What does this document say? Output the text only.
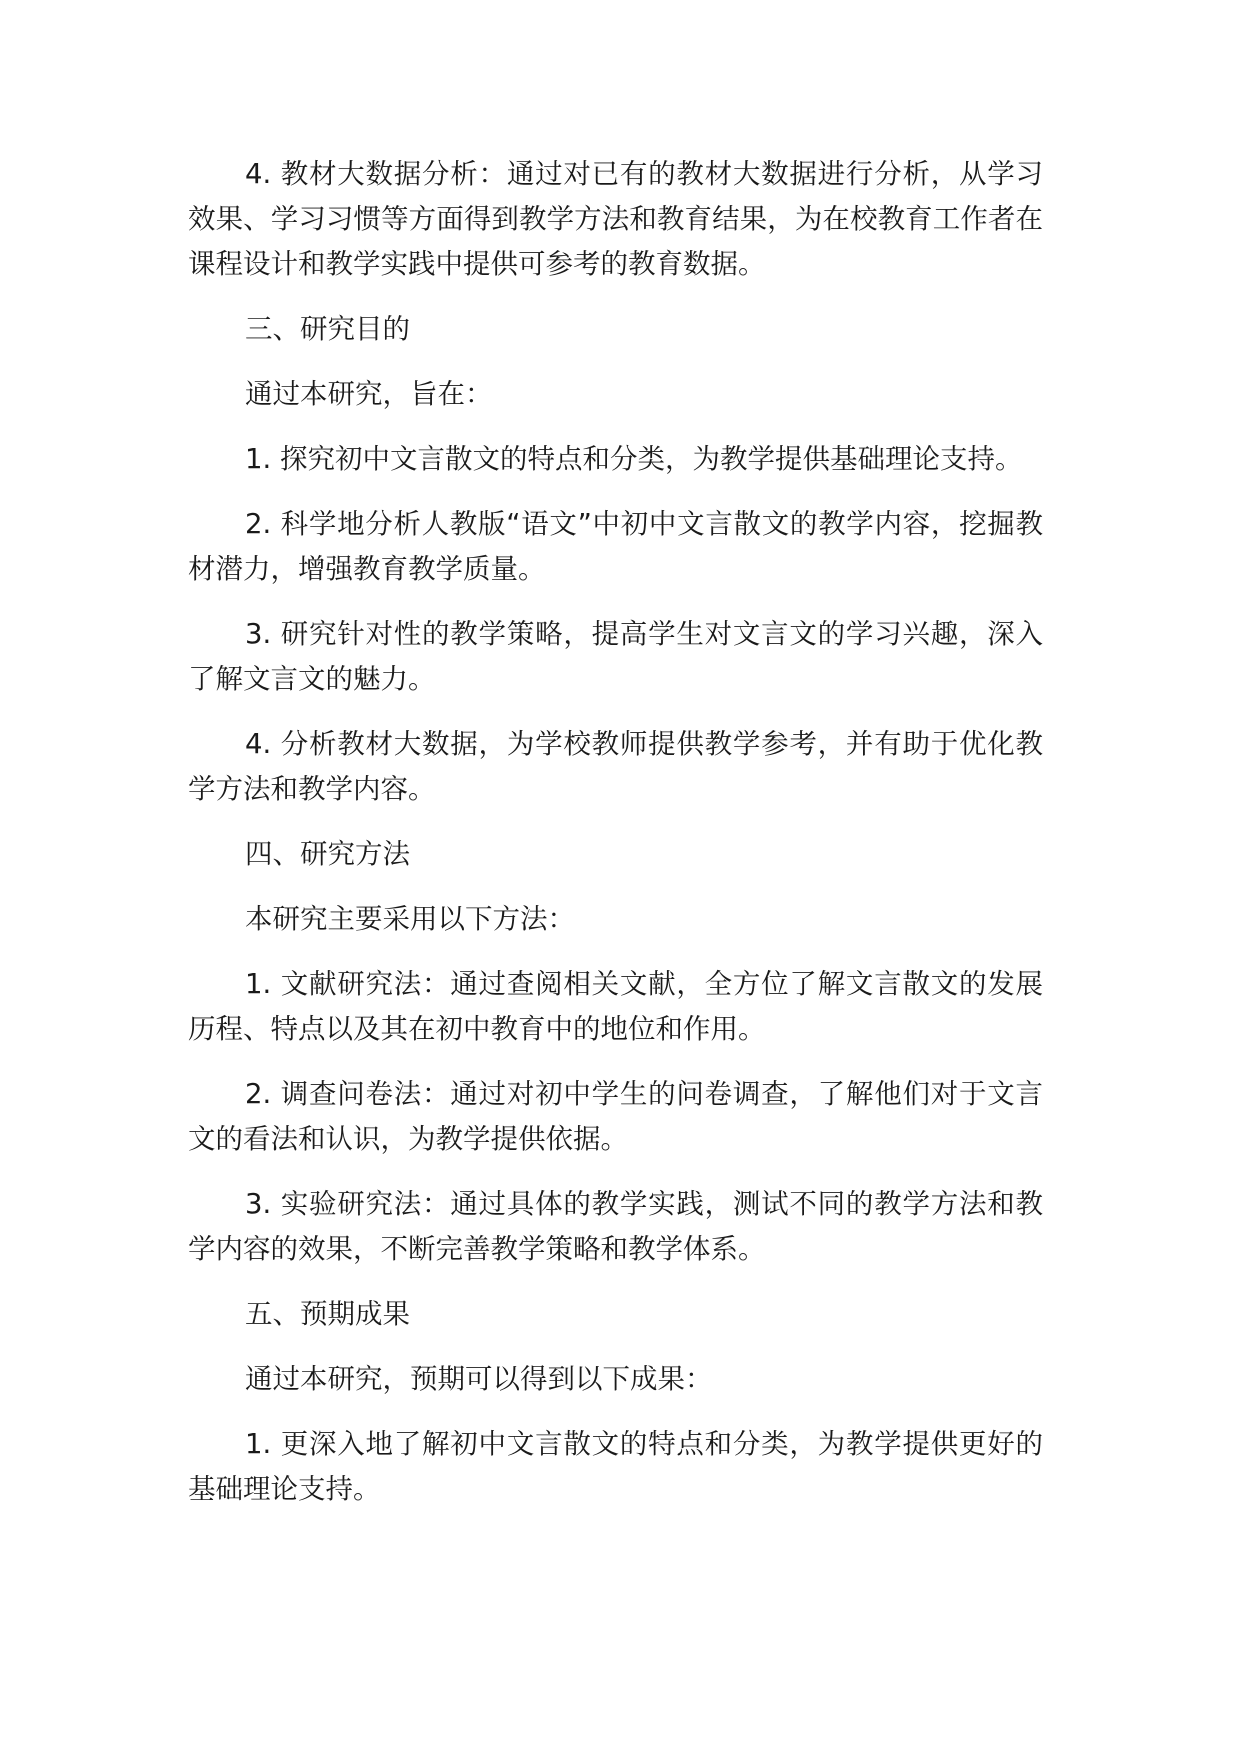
4. 教材大数据分析：通过对已有的教材大数据进行分析，从学习效果、学习习惯等方面得到教学方法和教育结果，为在校教育工作者在课程设计和教学实践中提供可参考的教育数据。

三、研究目的

通过本研究，旨在：

1. 探究初中文言散文的特点和分类，为教学提供基础理论支持。

2. 科学地分析人教版“语文”中初中文言散文的教学内容，挖掘教材潜力，增强教育教学质量。

3. 研究针对性的教学策略，提高学生对文言文的学习兴趣，深入了解文言文的魅力。

4. 分析教材大数据，为学校教师提供教学参考，并有助于优化教学方法和教学内容。

四、研究方法

本研究主要采用以下方法：

1. 文献研究法：通过查阅相关文献，全方位了解文言散文的发展历程、特点以及其在初中教育中的地位和作用。

2. 调查问卷法：通过对初中学生的问卷调查，了解他们对于文言文的看法和认识，为教学提供依据。

3. 实验研究法：通过具体的教学实践，测试不同的教学方法和教学内容的效果，不断完善教学策略和教学体系。

五、预期成果

通过本研究，预期可以得到以下成果：

1. 更深入地了解初中文言散文的特点和分类，为教学提供更好的基础理论支持。
